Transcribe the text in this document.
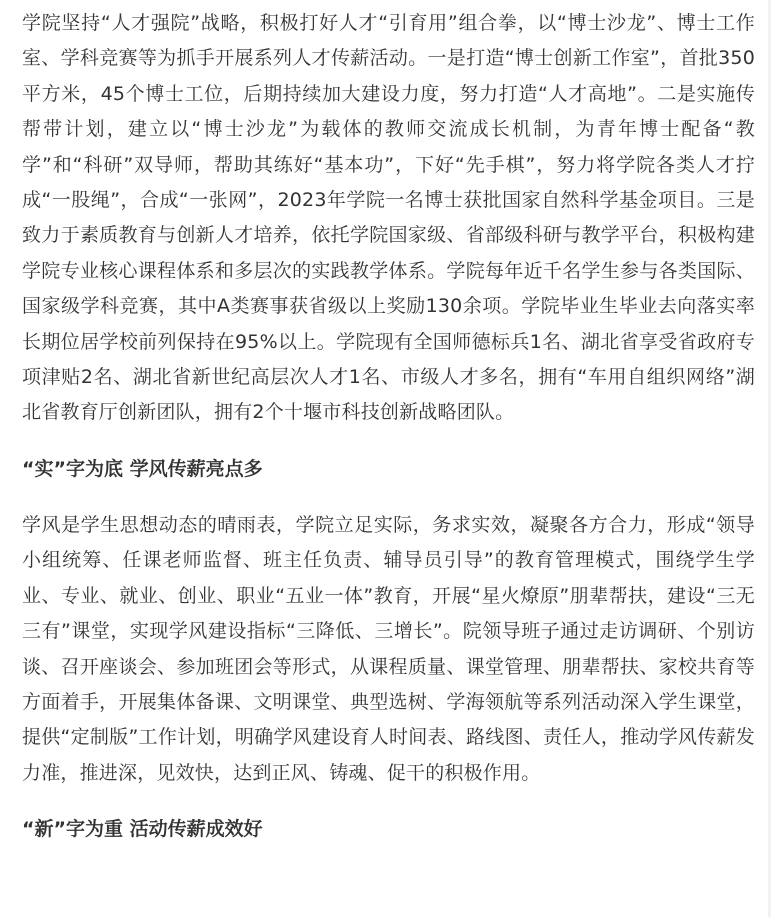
学院坚持“人才强院”战略，积极打好人才“引育用”组合拳，以“博士沙龙”、博士工作室、学科竞赛等为抓手开展系列人才传薪活动。一是打造“博士创新工作室”，首批350平方米，45个博士工位，后期持续加大建设力度，努力打造“人才高地”。二是实施传帮带计划，建立以“博士沙龙”为载体的教师交流成长机制，为青年博士配备“教学”和“科研”双导师，帮助其练好“基本功”，下好“先手棋”，努力将学院各类人才拧成“一股绳”，合成“一张网”，2023年学院一名博士获批国家自然科学基金项目。三是致力于素质教育与创新人才培养，依托学院国家级、省部级科研与教学平台，积极构建学院专业核心课程体系和多层次的实践教学体系。学院每年近千名学生参与各类国际、国家级学科竞赛，其中A类赛事获省级以上奖励130余项。学院毕业生毕业去向落实率长期位居学校前列保持在95%以上。学院现有全国师德标兵1名、湖北省享受省政府专项津贴2名、湖北省新世纪高层次人才1名、市级人才多名，拥有“车用自组织网络”湖北省教育厅创新团队，拥有2个十堰市科技创新战略团队。

“实”字为底 学风传薪亮点多

学风是学生思想动态的晴雨表，学院立足实际，务求实效，凝聚各方合力，形成“领导小组统筹、任课老师监督、班主任负责、辅导员引导”的教育管理模式，围绕学生学业、专业、就业、创业、职业“五业一体”教育，开展“星火燎原”朋辈帮扶，建设“三无三有”课堂，实现学风建设指标“三降低、三增长”。院领导班子通过走访调研、个别访谈、召开座谈会、参加班团会等形式，从课程质量、课堂管理、朋辈帮扶、家校共育等方面着手，开展集体备课、文明课堂、典型选树、学海领航等系列活动深入学生课堂，提供“定制版”工作计划，明确学风建设育人时间表、路线图、责任人，推动学风传薪发力准，推进深，见效快，达到正风、铸魂、促干的积极作用。

“新”字为重 活动传薪成效好
